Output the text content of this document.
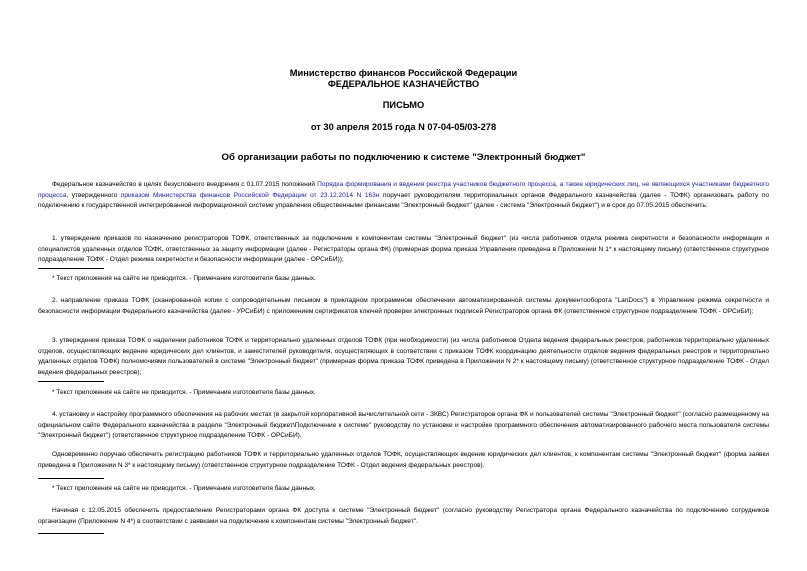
Министерство финансов Российской Федерации
ФЕДЕРАЛЬНОЕ КАЗНАЧЕЙСТВО
ПИСЬМО
от 30 апреля 2015 года N 07-04-05/03-278
Об организации работы по подключению к системе "Электронный бюджет"

Федеральное казначейство в целях безусловного внедрения с 01.07.2015 положений Порядка формирования и ведения реестра участников бюджетного процесса, а также юридических лиц, не являющихся участниками бюджетного процесса, утвержденного приказом Министерства финансов Российской Федерации от 23.12.2014 N 163н поручает руководителям территориальных органов Федерального казначейства (далее - ТОФК) организовать работу по подключению к государственной интегрированной информационной системе управления общественными финансами "Электронный бюджет" (далее - система "Электронный бюджет") и в срок до 07.05.2015 обеспечить:

1. утверждение приказов по назначению регистраторов ТОФК, ответственных за подключение к компонентам системы "Электронный бюджет" (из числа работников отдела режима секретности и безопасности информации и специалистов удаленных отделов ТОФК, ответственных за защиту информации (далее - Регистраторы органа ФК) (примерная форма приказа Управления приведена в Приложении N 1* к настоящему письму) (ответственное структурное подразделение ТОФК - Отдел режима секретности и безопасности информации (далее - ОРСиБИ));

* Текст приложения на сайте не приводится. - Примечание изготовителя базы данных.

2. направление приказа ТОФК (сканированной копии с сопроводительным письмом в прикладном программном обеспечении автоматизированной системы документооборота "LanDocs") в Управление режима секретности и безопасности информации Федерального казначейства (далее - УРСиБИ) с приложением сертификатов ключей проверки электронных подписей Регистраторов органа ФК (ответственное структурное подразделение ТОФК - ОРСиБИ);

3. утверждение приказа ТОФК о наделении работников ТОФК и территориально удаленных отделов ТОФК (при необходимости) (из числа работников Отдела ведения федеральных реестров, работников территориально удаленных отделов, осуществляющих ведение юридических дел клиентов, и заместителей руководителя, осуществляющих в соответствии с приказом ТОФК координацию деятельности отделов ведения федеральных реестров и территориально удаленных отделов ТОФК) полномочиями пользователей в системе "Электронный бюджет" (примерная форма приказа ТОФК приведена в Приложении N 2* к настоящему письму) (ответственное структурное подразделение ТОФК - Отдел ведения федеральных реестров);

* Текст приложения на сайте не приводится. - Примечание изготовителя базы данных.

4. установку и настройку программного обеспечения на рабочих местах (в закрытой корпоративной вычислительной сети - ЗКВС) Регистраторов органа ФК и пользователей системы "Электронный бюджет" (согласно размещенному на официальном сайте Федерального казначейства в разделе "Электронный бюджет\Подключение к системе" руководству по установке и настройке программного обеспечения автоматизированного рабочего места пользователя системы "Электронный бюджет") (ответственное структурное подразделение ТОФК - ОРСиБИ).

Одновременно поручаю обеспечить регистрацию работников ТОФК и территориально удаленных отделов ТОФК, осуществляющих ведение юридических дел клиентов, к компонентам системы "Электронный бюджет" (форма заявки приведена в Приложении N 3* к настоящему письму) (ответственное структурное подразделение ТОФК - Отдел ведения федеральных реестров).

* Текст приложения на сайте не приводится. - Примечание изготовителя базы данных.

Начиная с 12.05.2015 обеспечить предоставление Регистраторами органа ФК доступа к системе "Электронный бюджет" (согласно руководству Регистратора органа Федерального казначейства по подключению сотрудников организации (Приложение N 4*) в соответствии с заявками на подключение к компонентам системы "Электронный бюджет".
